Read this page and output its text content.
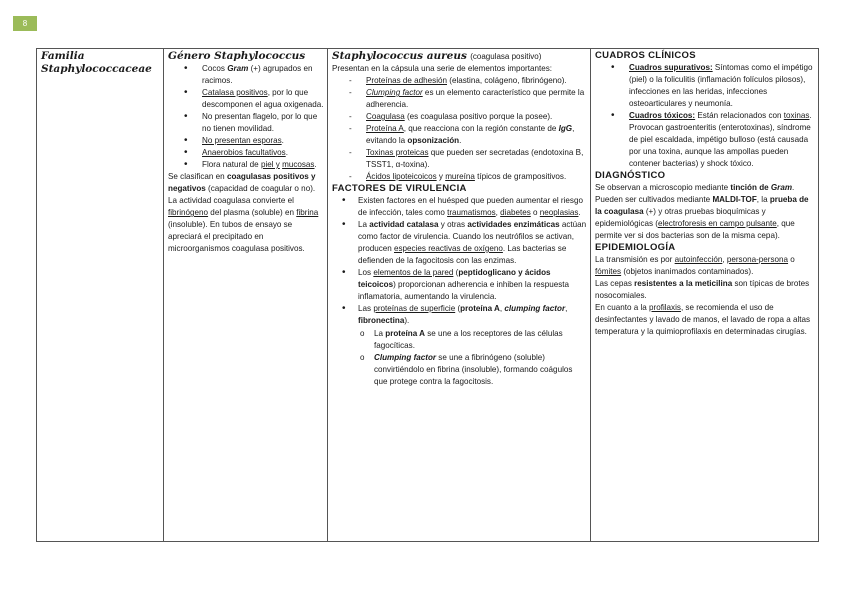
8
Familia
Staphylococcaceae

Género Staphylococcus
• Cocos Gram (+) agrupados en racimos.
• Catalasa positivos, por lo que descomponen el agua oxigenada.
• No presentan flagelo, por lo que no tienen movilidad.
• No presentan esporas.
• Anaerobios facultativos.
• Flora natural de piel y mucosas.
Se clasifican en coagulasas positivos y negativos (capacidad de coagular o no). La actividad coagulasa convierte el fibrinógeno del plasma (soluble) en fibrina (insoluble). En tubos de ensayo se apreciará el precipitado en microorganismos coagulasa positivos.

Staphylococcus aureus (coagulasa positivo)
Presentan en la cápsula una serie de elementos importantes:
- Proteínas de adhesión (elastina, colágeno, fibrinógeno).
- Clumping factor es un elemento característico que permite la adherencia.
- Coagulasa (es coagulasa positivo porque la posee).
- Proteína A, que reacciona con la región constante de IgG, evitando la opsonización.
- Toxinas proteicas que pueden ser secretadas (endotoxina B, TSST1, α-toxina).
- Ácidos lipoteicoicos y mureína típicos de grampositivos.
FACTORES DE VIRULENCIA
• Existen factores en el huésped que pueden aumentar el riesgo de infección, tales como traumatismos, diabetes o neoplasias.
• La actividad catalasa y otras actividades enzimáticas actúan como factor de virulencia. Cuando los neutrófilos se activan, producen especies reactivas de oxígeno. Las bacterias se defienden de la fagocitosis con las enzimas.
• Los elementos de la pared (peptidoglicano y ácidos teicoicos) proporcionan adherencia e inhiben la respuesta inflamatoria, aumentando la virulencia.
• Las proteínas de superficie (proteína A, clumping factor, fibronectina).
o La proteína A se une a los receptores de las células fagocíticas.
o Clumping factor se une a fibrinógeno (soluble) convirtiéndolo en fibrina (insoluble), formando coágulos que protege contra la fagocitosis.

CUADROS CLÍNICOS
• Cuadros supurativos: Síntomas como el impétigo (piel) o la foliculitis (inflamación folículos pilosos), infecciones en las heridas, infecciones osteoarticulares y neumonía.
• Cuadros tóxicos: Están relacionados con toxinas. Provocan gastroenteritis (enterotoxinas), síndrome de piel escaldada, impétigo bulloso (está causada por una toxina, aunque las ampollas pueden contener bacterias) y shock tóxico.
DIAGNÓSTICO
Se observan a microscopio mediante tinción de Gram. Pueden ser cultivados mediante MALDI-TOF, la prueba de la coagulasa (+) y otras pruebas bioquímicas y epidemiológicas (electroforesis en campo pulsante, que permite ver si dos bacterias son de la misma cepa).
EPIDEMIOLOGÍA
La transmisión es por autoinfección, persona-persona o fómites (objetos inanimados contaminados).
Las cepas resistentes a la meticilina son típicas de brotes nosocomiales.
En cuanto a la profilaxis, se recomienda el uso de desinfectantes y lavado de manos, el lavado de ropa a altas temperatura y la quimioprofilaxis en determinadas cirugías.
